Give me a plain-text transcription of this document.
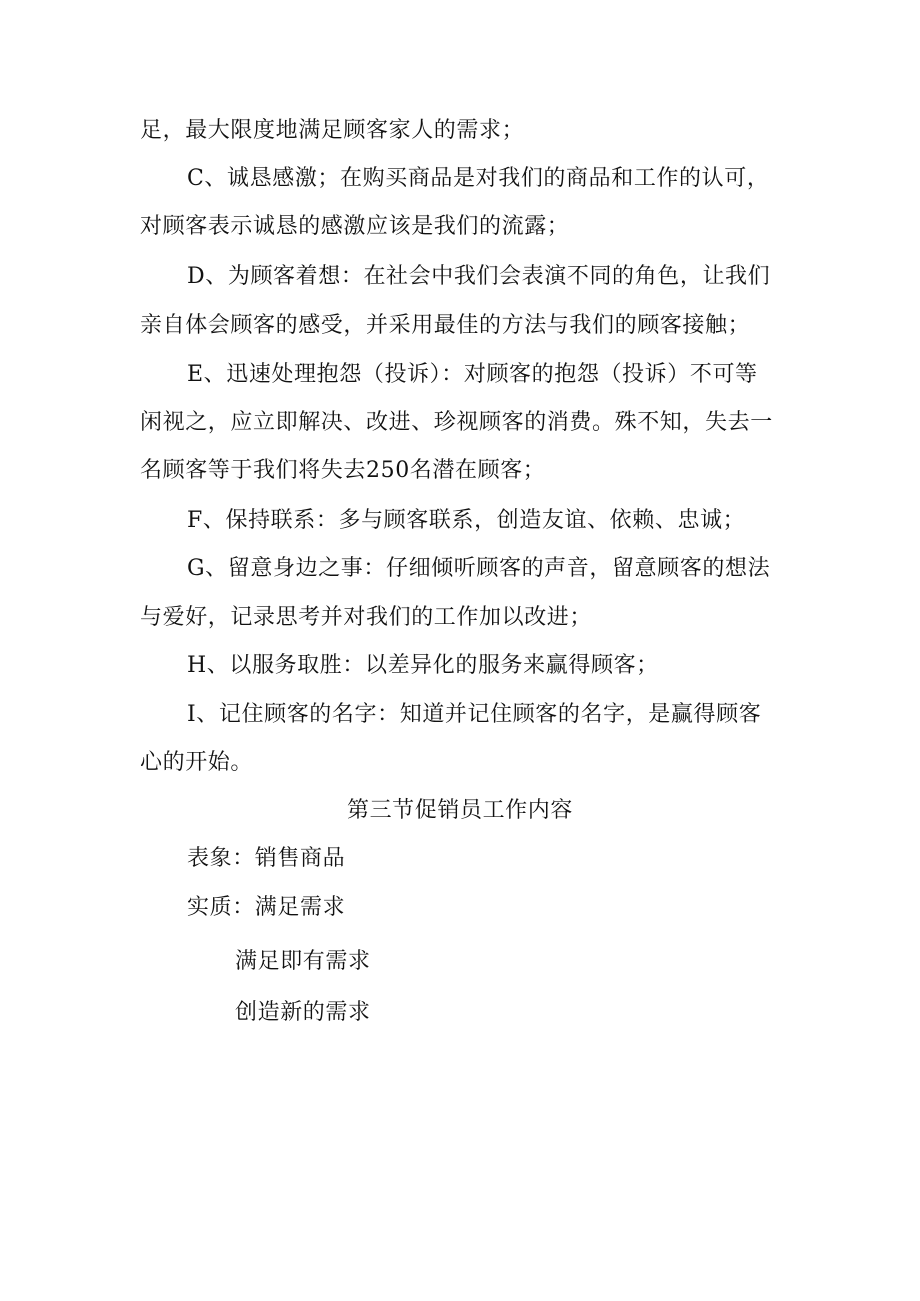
足，最大限度地满足顾客家人的需求；
C、诚恳感激；在购买商品是对我们的商品和工作的认可，
对顾客表示诚恳的感激应该是我们的流露；
D、为顾客着想：在社会中我们会表演不同的角色，让我们
亲自体会顾客的感受，并采用最佳的方法与我们的顾客接触；
E、迅速处理抱怨（投诉）：对顾客的抱怨（投诉）不可等
闲视之，应立即解决、改进、珍视顾客的消费。殊不知，失去一
名顾客等于我们将失去250名潜在顾客；
F、保持联系：多与顾客联系，创造友谊、依赖、忠诚；
G、留意身边之事：仔细倾听顾客的声音，留意顾客的想法
与爱好，记录思考并对我们的工作加以改进；
H、以服务取胜：以差异化的服务来赢得顾客；
I、记住顾客的名字：知道并记住顾客的名字，是赢得顾客
心的开始。
第三节促销员工作内容
表象：销售商品
实质：满足需求
满足即有需求
创造新的需求
